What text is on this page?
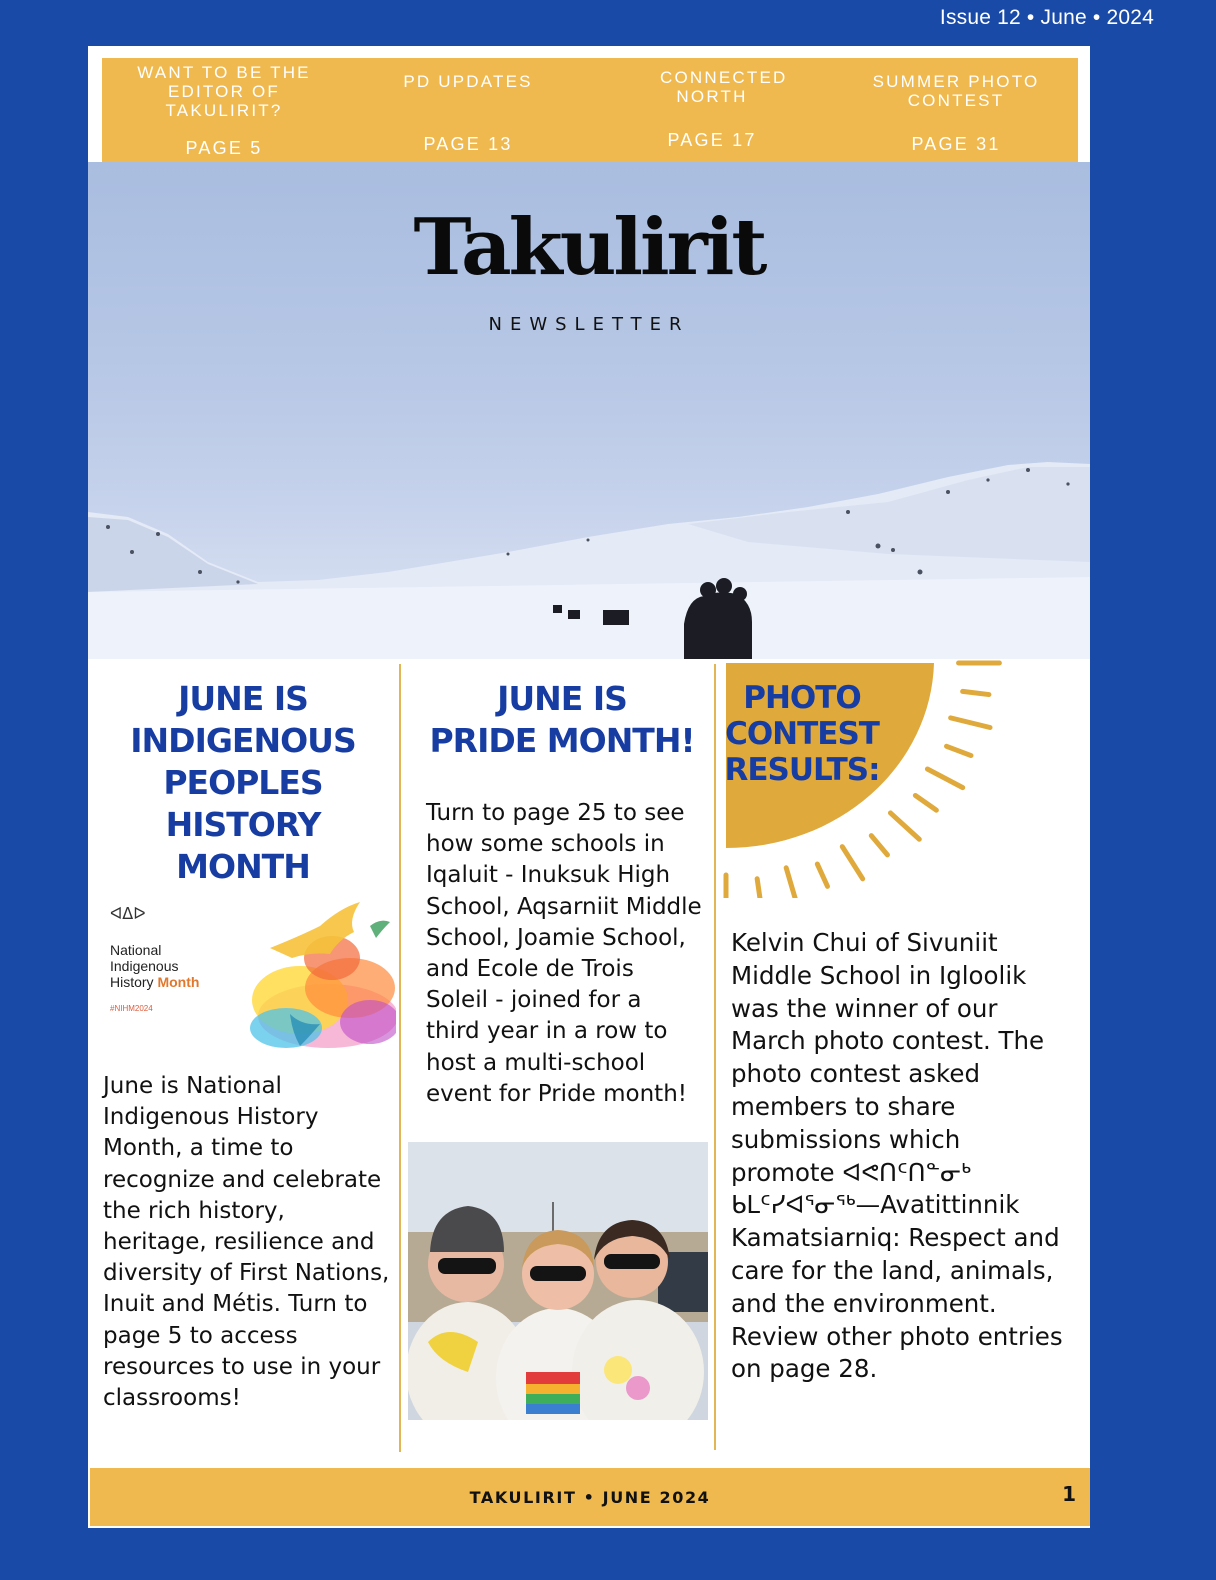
Issue 12 • June • 2024
WANT TO BE THE EDITOR OF TAKULIRIT?
PAGE 5
PD UPDATES
PAGE 13
CONNECTED NORTH
PAGE 17
SUMMER PHOTO CONTEST
PAGE 31
Takulirit
NEWSLETTER
JUNE IS
INDIGENOUS
PEOPLES
HISTORY
MONTH
ᐊᐃᐅ
National
Indigenous
History Month
#NIHM2024
June is National Indigenous History Month, a time to recognize and celebrate the rich history, heritage, resilience and diversity of First Nations, Inuit and Métis. Turn to page 5 to access resources to use in your classrooms!
JUNE IS
PRIDE MONTH!
Turn to page 25 to see how some schools in Iqaluit - Inuksuk High School, Aqsarniit Middle School, Joamie School, and Ecole de Trois Soleil - joined for a third year in a row to host a multi-school event for Pride month!
PHOTO
CONTEST
RESULTS:
Kelvin Chui of Sivuniit Middle School in Igloolik was the winner of our March photo contest. The photo contest asked members to share submissions which promote ᐊᕙᑎᑦᑎᓐᓂᒃ ᑲᒪᑦᓯᐊᕐᓂᖅ—Avatittinnik Kamatsiarniq: Respect and care for the land, animals, and the environment. Review other photo entries on page 28.
TAKULIRIT • JUNE 2024	1
